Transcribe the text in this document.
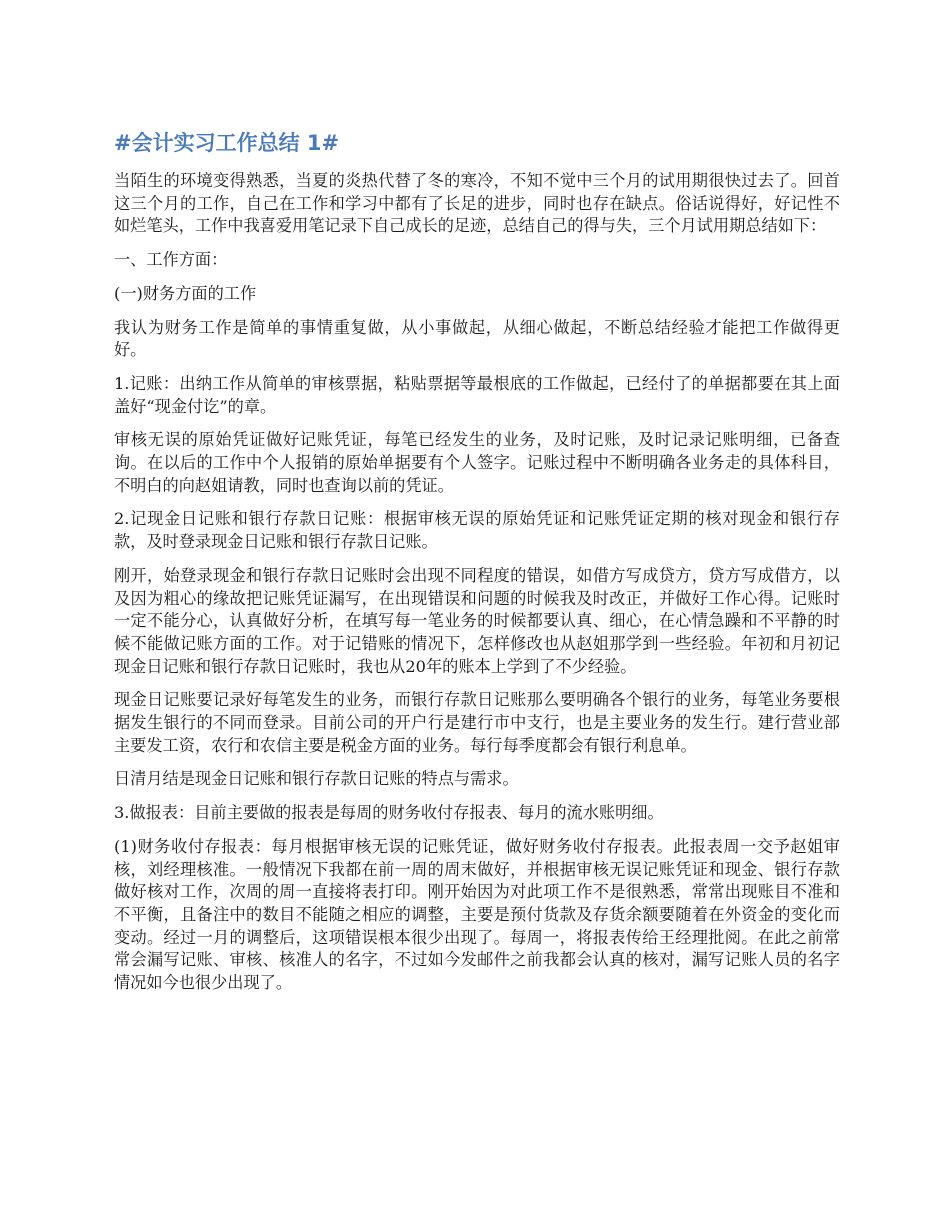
#会计实习工作总结 1#

当陌生的环境变得熟悉，当夏的炎热代替了冬的寒冷，不知不觉中三个月的试用期很快过去了。回首这三个月的工作，自己在工作和学习中都有了长足的进步，同时也存在缺点。俗话说得好，好记性不如烂笔头，工作中我喜爱用笔记录下自己成长的足迹，总结自己的得与失，三个月试用期总结如下：

一、工作方面：

(一)财务方面的工作

我认为财务工作是简单的事情重复做，从小事做起，从细心做起，不断总结经验才能把工作做得更好。

1.记账：出纳工作从简单的审核票据，粘贴票据等最根底的工作做起，已经付了的单据都要在其上面盖好“现金付讫”的章。

审核无误的原始凭证做好记账凭证，每笔已经发生的业务，及时记账，及时记录记账明细，已备查询。在以后的工作中个人报销的原始单据要有个人签字。记账过程中不断明确各业务走的具体科目，不明白的向赵姐请教，同时也查询以前的凭证。

2.记现金日记账和银行存款日记账：根据审核无误的原始凭证和记账凭证定期的核对现金和银行存款，及时登录现金日记账和银行存款日记账。

刚开，始登录现金和银行存款日记账时会出现不同程度的错误，如借方写成贷方，贷方写成借方，以及因为粗心的缘故把记账凭证漏写，在出现错误和问题的时候我及时改正，并做好工作心得。记账时一定不能分心，认真做好分析，在填写每一笔业务的时候都要认真、细心，在心情急躁和不平静的时候不能做记账方面的工作。对于记错账的情况下，怎样修改也从赵姐那学到一些经验。年初和月初记现金日记账和银行存款日记账时，我也从20年的账本上学到了不少经验。

现金日记账要记录好每笔发生的业务，而银行存款日记账那么要明确各个银行的业务，每笔业务要根据发生银行的不同而登录。目前公司的开户行是建行市中支行，也是主要业务的发生行。建行营业部主要发工资，农行和农信主要是税金方面的业务。每行每季度都会有银行利息单。

日清月结是现金日记账和银行存款日记账的特点与需求。

3.做报表：目前主要做的报表是每周的财务收付存报表、每月的流水账明细。

(1)财务收付存报表：每月根据审核无误的记账凭证，做好财务收付存报表。此报表周一交予赵姐审核，刘经理核准。一般情况下我都在前一周的周末做好，并根据审核无误记账凭证和现金、银行存款做好核对工作，次周的周一直接将表打印。刚开始因为对此项工作不是很熟悉，常常出现账目不准和不平衡，且备注中的数目不能随之相应的调整，主要是预付货款及存货余额要随着在外资金的变化而变动。经过一月的调整后，这项错误根本很少出现了。每周一，将报表传给王经理批阅。在此之前常常会漏写记账、审核、核准人的名字，不过如今发邮件之前我都会认真的核对，漏写记账人员的名字情况如今也很少出现了。
